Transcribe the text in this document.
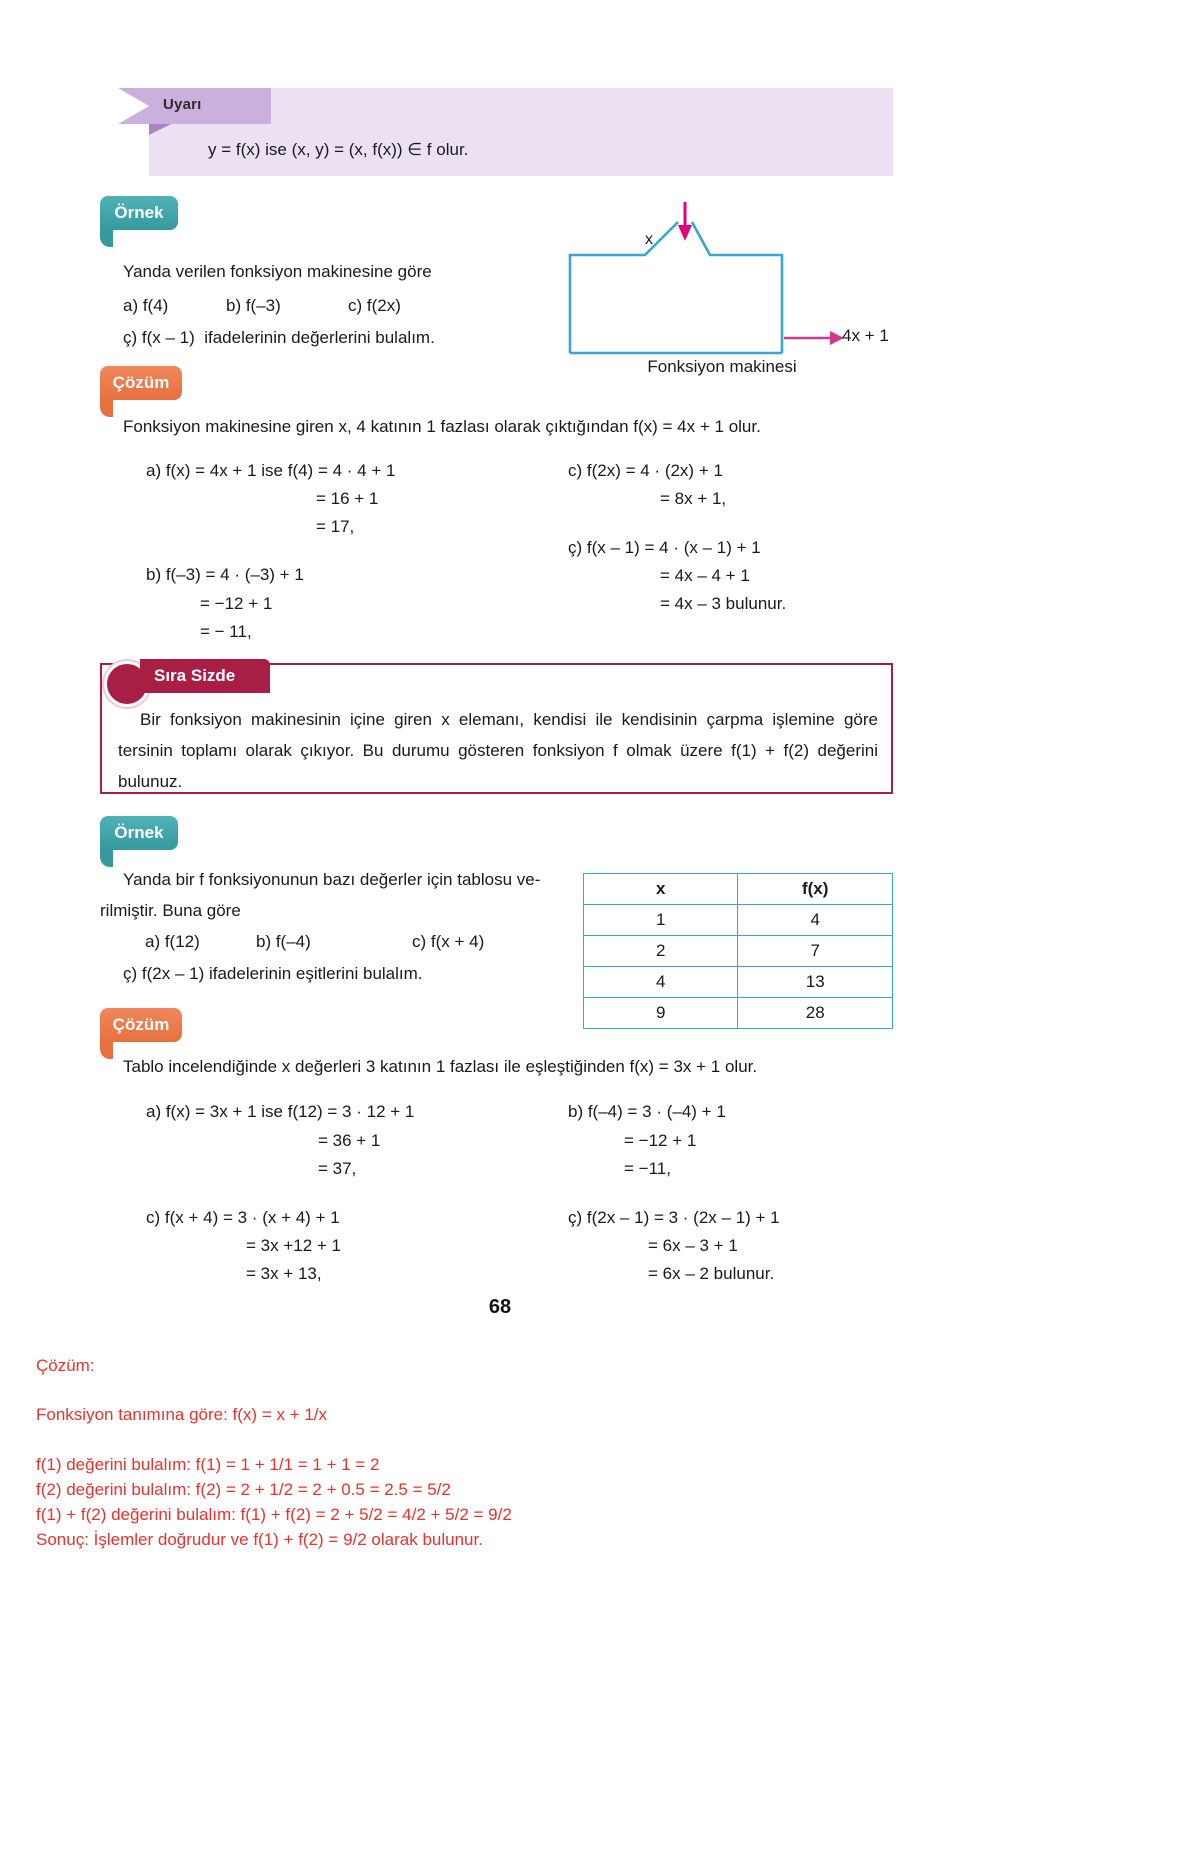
Uyarı
y = f(x) ise (x, y) = (x, f(x)) ∈ f olur.
Örnek
Yanda verilen fonksiyon makinesine göre
a) f(4)	b) f(–3)	c) f(2x)
ç) f(x – 1)  ifadelerinin değerlerini bulalım.
x
4x + 1
Fonksiyon makinesi
Çözüm
Fonksiyon makinesine giren x, 4 katının 1 fazlası olarak çıktığından f(x) = 4x + 1 olur.
a) f(x) = 4x + 1 ise f(4) = 4 · 4 + 1
= 16 + 1
= 17,
b) f(–3) = 4 · (–3) + 1
= −12 + 1
= − 11,
c) f(2x) = 4 · (2x) + 1
= 8x + 1,
ç) f(x – 1) = 4 · (x – 1) + 1
= 4x – 4 + 1
= 4x – 3 bulunur.
Sıra Sizde
Bir fonksiyon makinesinin içine giren x elemanı, kendisi ile kendisinin çarpma işlemine göre tersinin toplamı olarak çıkıyor. Bu durumu gösteren fonksiyon f olmak üzere f(1) + f(2) değerini bulunuz.
Örnek
Yanda bir f fonksiyonunun bazı değerler için tablosu ve-
rilmiştir. Buna göre
a) f(12)	b) f(–4)	c) f(x + 4)
ç) f(2x – 1) ifadelerinin eşitlerini bulalım.
x	f(x)
1	4
2	7
4	13
9	28
Çözüm
Tablo incelendiğinde x değerleri 3 katının 1 fazlası ile eşleştiğinden f(x) = 3x + 1 olur.
a) f(x) = 3x + 1 ise f(12) = 3 · 12 + 1
= 36 + 1
= 37,
c) f(x + 4) = 3 · (x + 4) + 1
= 3x +12 + 1
= 3x + 13,
b) f(–4) = 3 · (–4) + 1
= −12 + 1
= −11,
ç) f(2x – 1) = 3 · (2x – 1) + 1
= 6x – 3 + 1
= 6x – 2 bulunur.
68
Çözüm:
Fonksiyon tanımına göre: f(x) = x + 1/x
f(1) değerini bulalım: f(1) = 1 + 1/1 = 1 + 1 = 2
f(2) değerini bulalım: f(2) = 2 + 1/2 = 2 + 0.5 = 2.5 = 5/2
f(1) + f(2) değerini bulalım: f(1) + f(2) = 2 + 5/2 = 4/2 + 5/2 = 9/2
Sonuç: İşlemler doğrudur ve f(1) + f(2) = 9/2 olarak bulunur.
